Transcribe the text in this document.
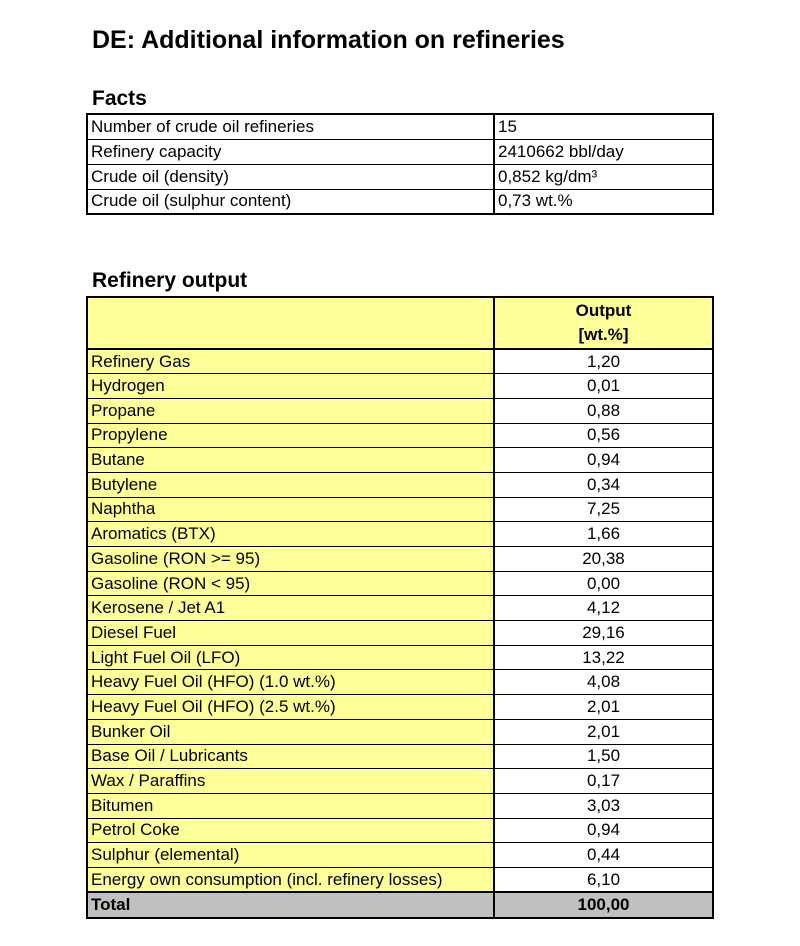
DE: Additional information on refineries
Facts
Number of crude oil refineries	15
Refinery capacity	2410662 bbl/day
Crude oil (density)	0,852 kg/dm³
Crude oil (sulphur content)	0,73 wt.%
Refinery output

	Output
[wt.%]

Refinery Gas	1,20
Hydrogen	0,01
Propane	0,88
Propylene	0,56
Butane	0,94
Butylene	0,34
Naphtha	7,25
Aromatics (BTX)	1,66
Gasoline (RON >= 95)	20,38
Gasoline (RON < 95)	0,00
Kerosene / Jet A1	4,12
Diesel Fuel	29,16
Light Fuel Oil (LFO)	13,22
Heavy Fuel Oil (HFO) (1.0 wt.%)	4,08
Heavy Fuel Oil (HFO) (2.5 wt.%)	2,01
Bunker Oil	2,01
Base Oil / Lubricants	1,50
Wax / Paraffins	0,17
Bitumen	3,03
Petrol Coke	0,94
Sulphur (elemental)	0,44
Energy own consumption (incl. refinery losses)	6,10
Total	100,00
